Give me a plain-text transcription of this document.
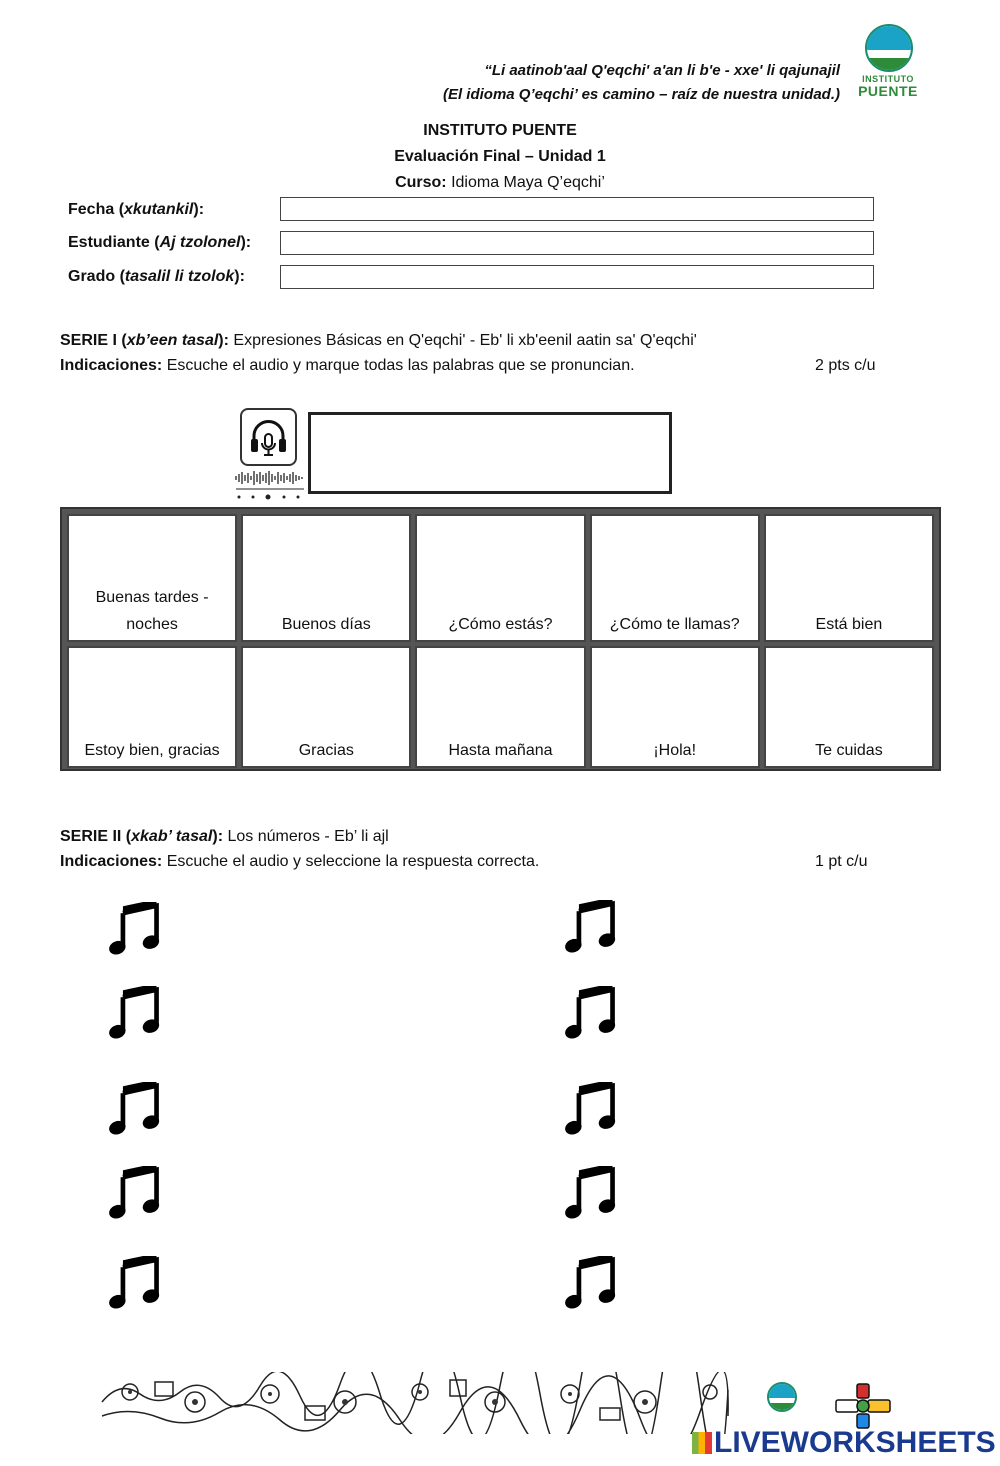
“Li aatinob'aal Q'eqchi' a'an li b'e - xxe' li qajunajil
(El idioma Q’eqchi’ es camino – raíz de nuestra unidad.)
INSTITUTO
PUENTE
INSTITUTO PUENTE
Evaluación Final – Unidad 1
Curso: Idioma Maya Q’eqchi’
Fecha (xkutankil):
Estudiante (Aj tzolonel):
Grado (tasalil li tzolok):
SERIE I (xb’een tasal): Expresiones Básicas en Q'eqchi' - Eb' li xb'eenil aatin sa' Q'eqchi'
Indicaciones: Escuche el audio y marque todas las palabras que se pronuncian.	2 pts c/u
Buenas tardes -
noches	Buenos días	¿Cómo estás?	¿Cómo te llamas?	Está bien
Estoy bien, gracias	Gracias	Hasta mañana	¡Hola!	Te cuidas
SERIE II (xkab’ tasal): Los números - Eb’ li ajl
Indicaciones: Escuche el audio y seleccione la respuesta correcta.	1 pt c/u
LIVEWORKSHEETS
